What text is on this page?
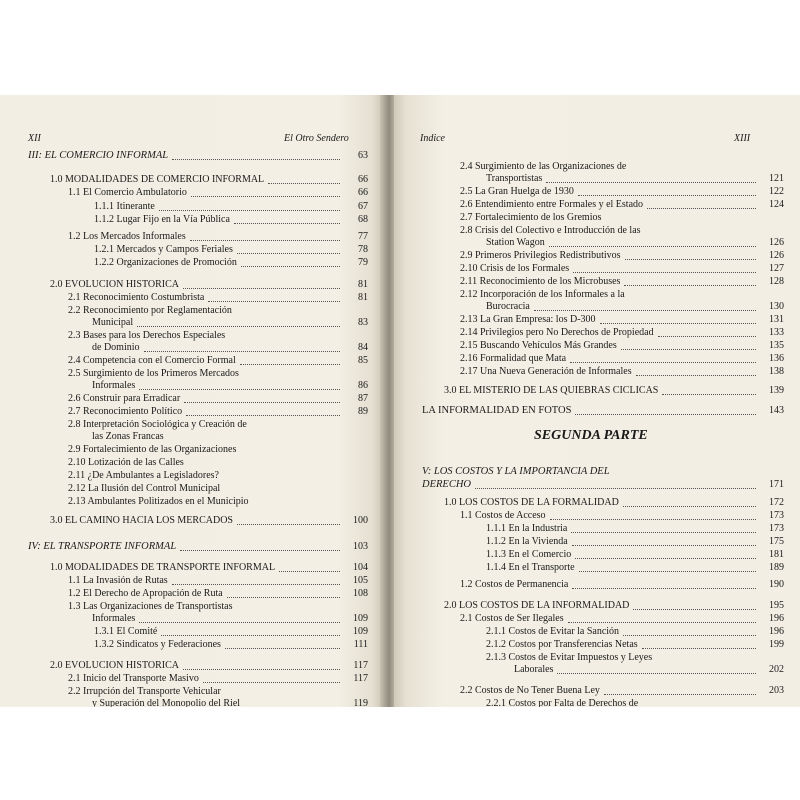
XII	El Otro Sendero
III: EL COMERCIO INFORMAL	63
1.0 MODALIDADES DE COMERCIO INFORMAL	66
1.1 El Comercio Ambulatorio	66
1.1.1 Itinerante	67
1.1.2 Lugar Fijo en la Vía Pública	68
1.2 Los Mercados Informales	77
1.2.1 Mercados y Campos Feriales	78
1.2.2 Organizaciones de Promoción	79
2.0 EVOLUCION HISTORICA	81
2.1 Reconocimiento Costumbrista	81
2.2 Reconocimiento por Reglamentación
Municipal	83
2.3 Bases para los Derechos Especiales
de Dominio	84
2.4 Competencia con el Comercio Formal	85
2.5 Surgimiento de los Primeros Mercados
Informales	86
2.6 Construir para Erradicar	87
2.7 Reconocimiento Político	89
2.8 Interpretación Sociológica y Creación de
las Zonas Francas
2.9 Fortalecimiento de las Organizaciones
2.10 Lotización de las Calles
2.11 ¿De Ambulantes a Legisladores?
2.12 La Ilusión del Control Municipal
2.13 Ambulantes Politizados en el Municipio
3.0 EL CAMINO HACIA LOS MERCADOS	100
IV: EL TRANSPORTE INFORMAL	103
1.0 MODALIDADES DE TRANSPORTE INFORMAL	104
1.1 La Invasión de Rutas	105
1.2 El Derecho de Apropación de Ruta	108
1.3 Las Organizaciones de Transportistas
Informales	109
1.3.1 El Comité	109
1.3.2 Sindicatos y Federaciones	111
2.0 EVOLUCION HISTORICA	117
2.1 Inicio del Transporte Masivo	117
2.2 Irrupción del Transporte Vehicular
y Superación del Monopolio del Riel	119
Indice	XIII
SEGUNDA PARTE
2.4 Surgimiento de las Organizaciones de
Transportistas	121
2.5 La Gran Huelga de 1930	122
2.6 Entendimiento entre Formales y el Estado	124
2.7 Fortalecimiento de los Gremios
2.8 Crisis del Colectivo e Introducción de las
Station Wagon	126
2.9 Primeros Privilegios Redistributivos	126
2.10 Crisis de los Formales	127
2.11 Reconocimiento de los Microbuses	128
2.12 Incorporación de los Informales a la
Burocracia	130
2.13 La Gran Empresa: los D-300	131
2.14 Privilegios pero No Derechos de Propiedad	133
2.15 Buscando Vehículos Más Grandes	135
2.16 Formalidad que Mata	136
2.17 Una Nueva Generación de Informales	138
3.0 EL MISTERIO DE LAS QUIEBRAS CICLICAS	139
LA INFORMALIDAD EN FOTOS	143
V: LOS COSTOS Y LA IMPORTANCIA DEL
DERECHO	171
1.0 LOS COSTOS DE LA FORMALIDAD	172
1.1 Costos de Acceso	173
1.1.1 En la Industria	173
1.1.2 En la Vivienda	175
1.1.3 En el Comercio	181
1.1.4 En el Transporte	189
1.2 Costos de Permanencia	190
2.0 LOS COSTOS DE LA INFORMALIDAD	195
2.1 Costos de Ser Ilegales	196
2.1.1 Costos de Evitar la Sanción	196
2.1.2 Costos por Transferencias Netas	199
2.1.3 Costos de Evitar Impuestos y Leyes
Laborales	202
2.2 Costos de No Tener Buena Ley	203
2.2.1 Costos por Falta de Derechos de
